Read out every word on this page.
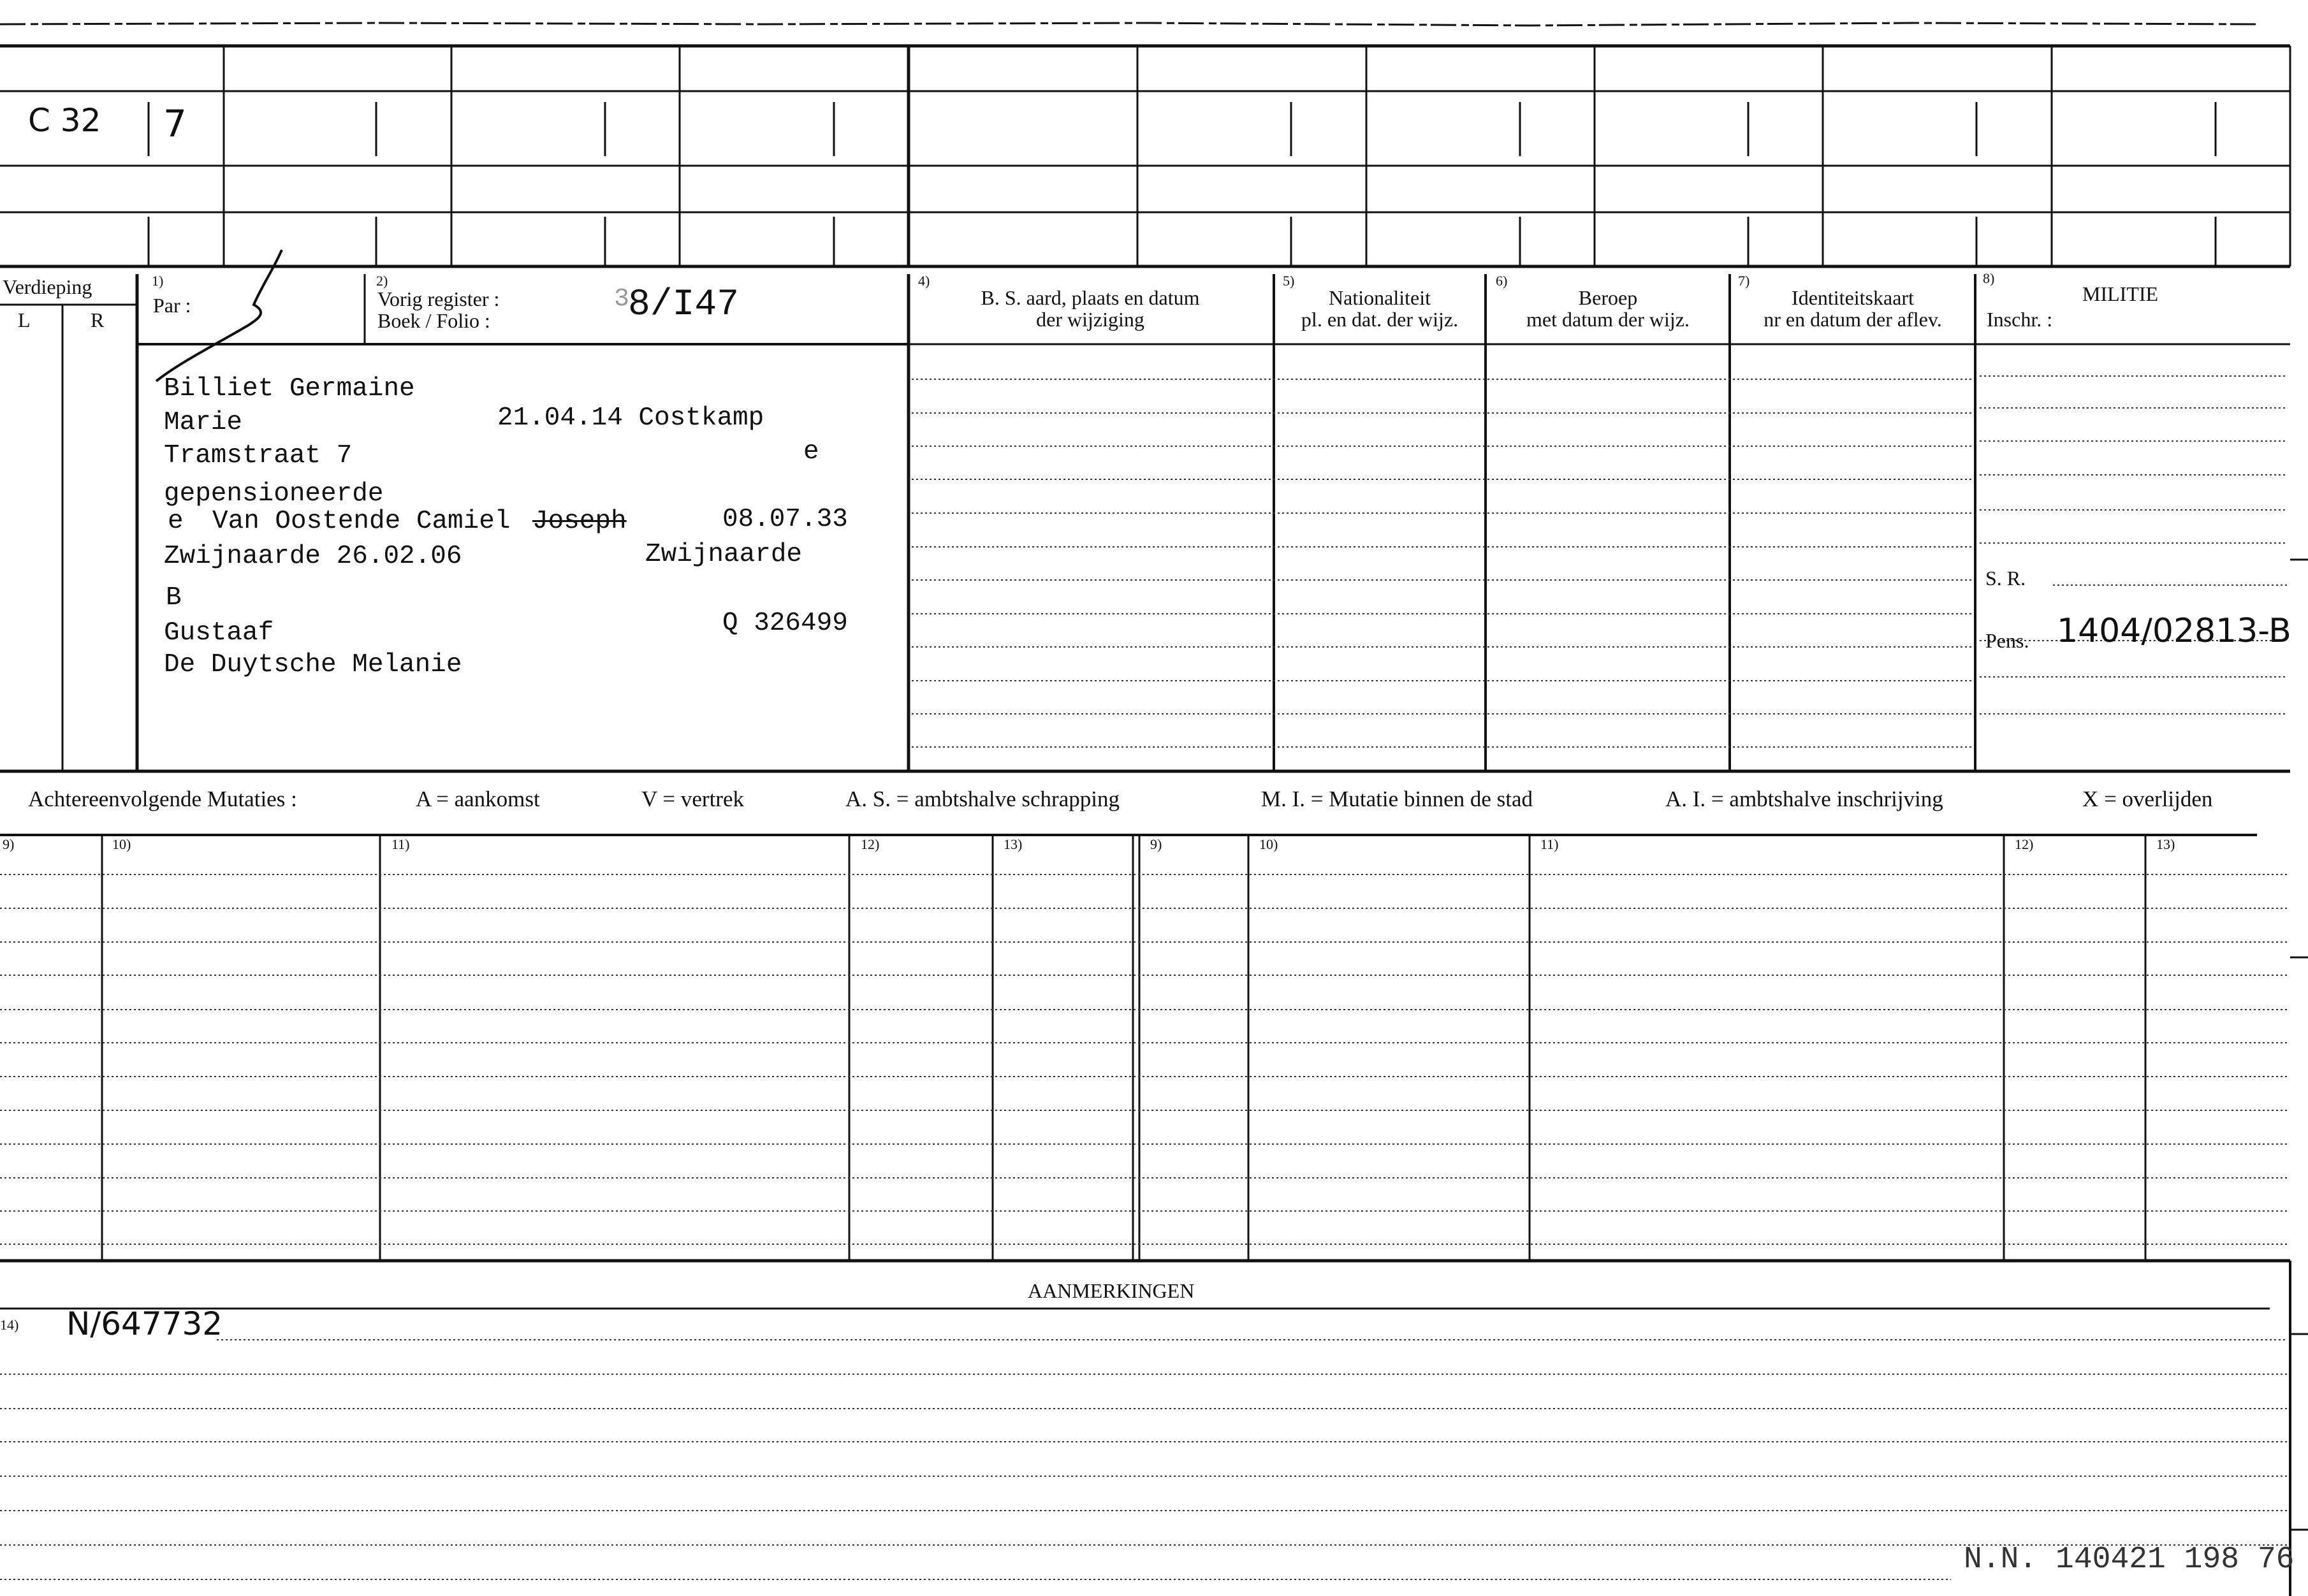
C 32 7
Verdieping
L	R
1)
Par :
2)
Vorig register :
Boek / Folio :
3
8/I47
4)
B. S. aard, plaats en datum
der wijziging
5)
Nationaliteit
pl. en dat. der wijz.
6)
Beroep
met datum der wijz.
7)
Identiteitskaart
nr en datum der aflev.
8)
MILITIE
Inschr. :
S. R.
Pens. 1404/02813-B
Billiet Germaine
Marie	21.04.14 Costkamp
Tramstraat 7	e
gepensioneerde
e Van Oostende Camiel Joseph	08.07.33
Zwijnaarde 26.02.06	Zwijnaarde
B
Gustaaf	Q 326499
De Duytsche Melanie
Achtereenvolgende Mutaties :	A = aankomst	V = vertrek	A. S. = ambtshalve schrapping	M. I. = Mutatie binnen de stad	A. I. = ambtshalve inschrijving	X = overlijden
9)	10)	11)	12)	13)	9)	10)	11)	12)	13)
AANMERKINGEN
14) N/647732
N.N. 140421 198 76
